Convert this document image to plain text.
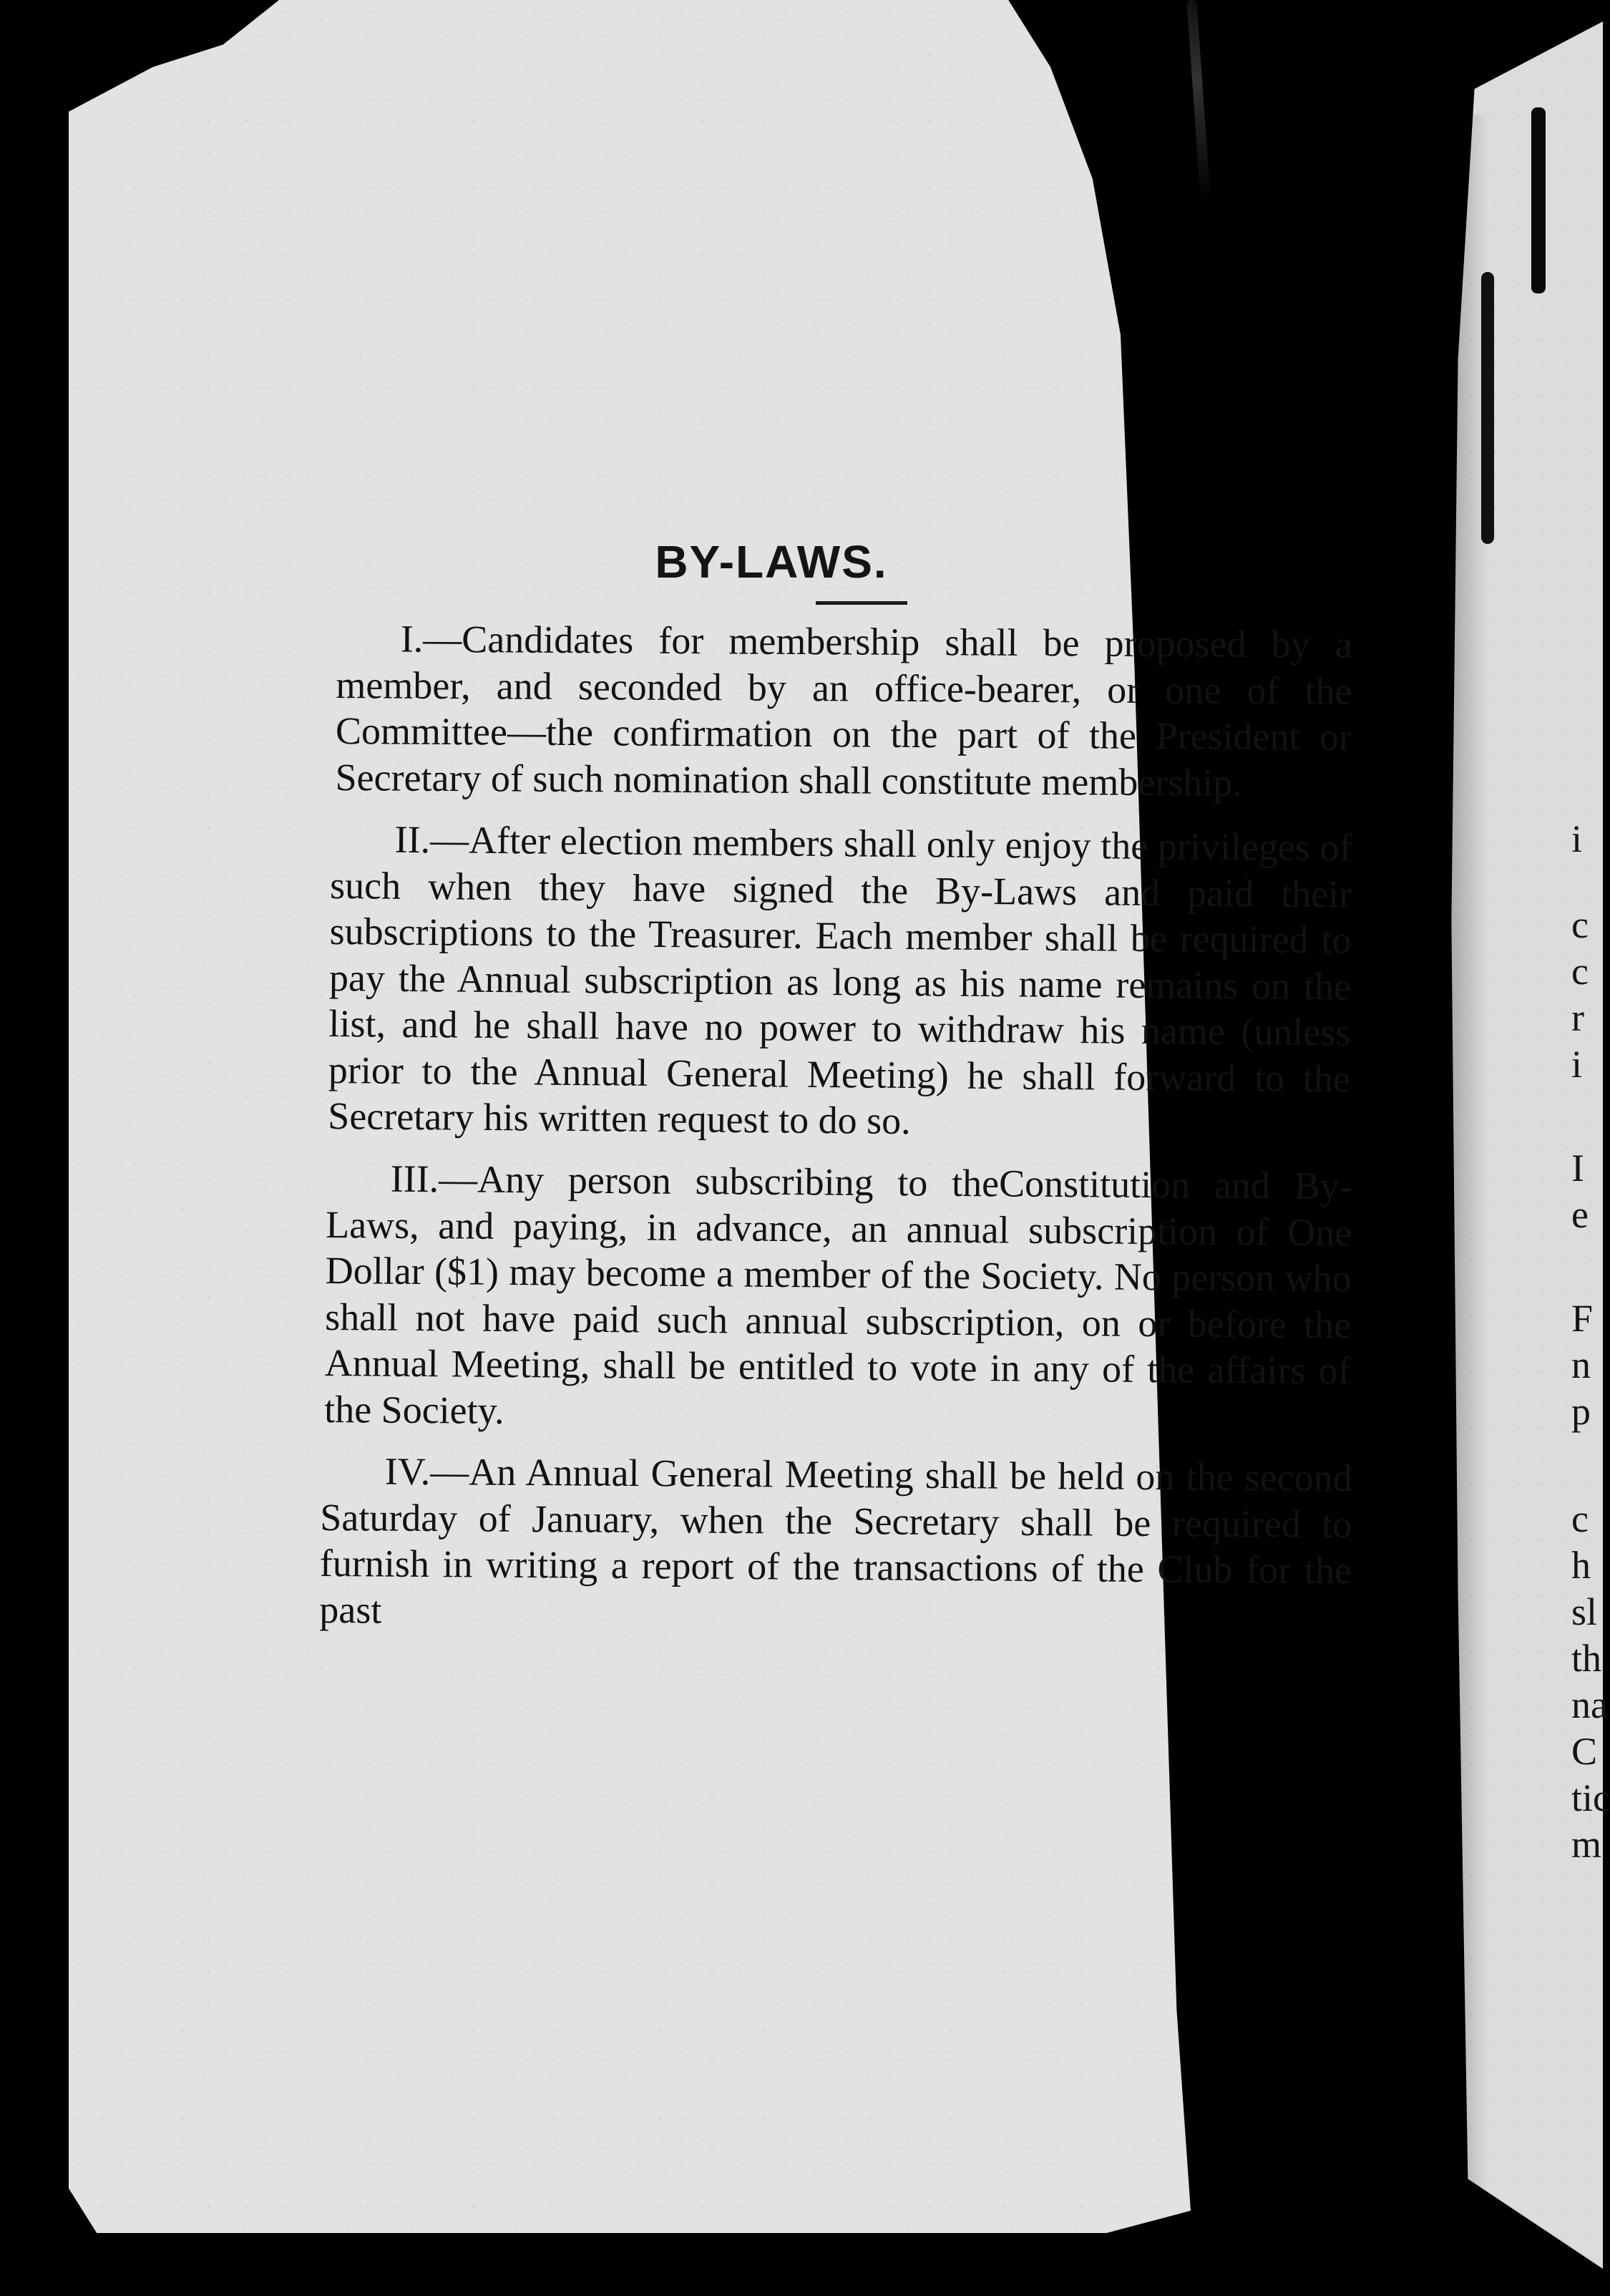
BY-LAWS.

I.—Candidates for membership shall be proposed by a member, and seconded by an office-bearer, or one of the Committee—the confirmation on the part of the President or Secretary of such nomination shall constitute membership.

II.—After election members shall only enjoy the privileges of such when they have signed the By-Laws and paid their subscriptions to the Treasurer. Each member shall be required to pay the Annual subscription as long as his name remains on the list, and he shall have no power to withdraw his name (unless prior to the Annual General Meeting) he shall forward to the Secretary his written request to do so.

III.—Any person subscribing to theConstitution and By-Laws, and paying, in advance, an annual subscription of One Dollar ($1) may become a member of the Society. No person who shall not have paid such annual subscription, on or before the Annual Meeting, shall be entitled to vote in any of the affairs of the Society.

IV.—An Annual General Meeting shall be held on the second Saturday of January, when the Secretary shall be required to furnish in writing a report of the transactions of the Club for the past

i
c
c
r
i
I
e
F
n
p
c
h
sl
th
na
C
tic
m
